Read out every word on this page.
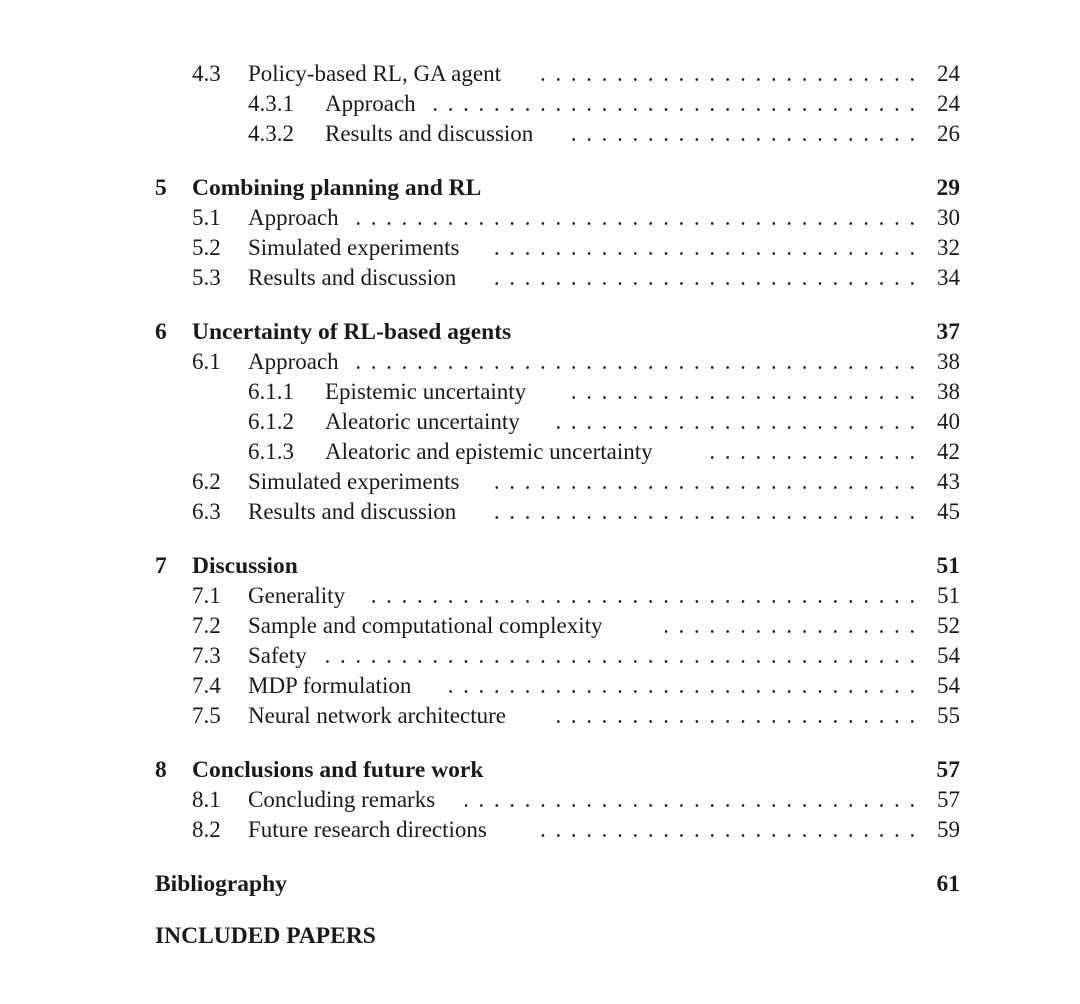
4.3 Policy-based RL, GA agent	24
4.3.1 Approach	24
4.3.2 Results and discussion	26
5 Combining planning and RL	29
5.1 Approach	30
5.2 Simulated experiments	32
5.3 Results and discussion	34
6 Uncertainty of RL-based agents	37
6.1 Approach	38
6.1.1 Epistemic uncertainty	38
6.1.2 Aleatoric uncertainty	40
6.1.3 Aleatoric and epistemic uncertainty	42
6.2 Simulated experiments	43
6.3 Results and discussion	45
7 Discussion	51
7.1 Generality	51
7.2 Sample and computational complexity	52
7.3 Safety	54
7.4 MDP formulation	54
7.5 Neural network architecture	55
8 Conclusions and future work	57
8.1 Concluding remarks	57
8.2 Future research directions	59
Bibliography	61
INCLUDED PAPERS
